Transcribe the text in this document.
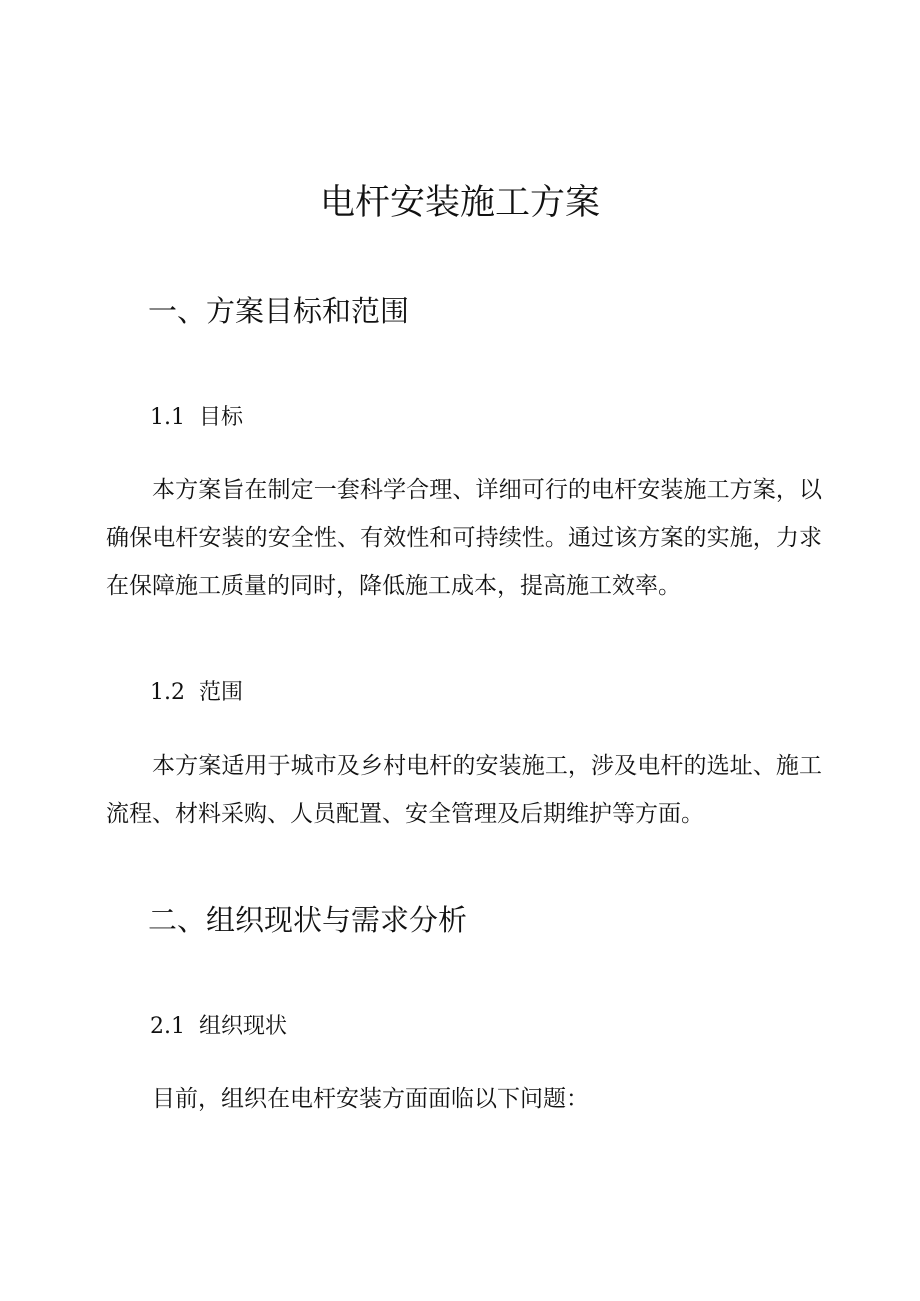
电杆安装施工方案
一、方案目标和范围
1.1 目标

本方案旨在制定一套科学合理、详细可行的电杆安装施工方案，以确保电杆安装的安全性、有效性和可持续性。通过该方案的实施，力求在保障施工质量的同时，降低施工成本，提高施工效率。

1.2 范围

本方案适用于城市及乡村电杆的安装施工，涉及电杆的选址、施工流程、材料采购、人员配置、安全管理及后期维护等方面。

二、组织现状与需求分析
2.1 组织现状

目前，组织在电杆安装方面面临以下问题：
